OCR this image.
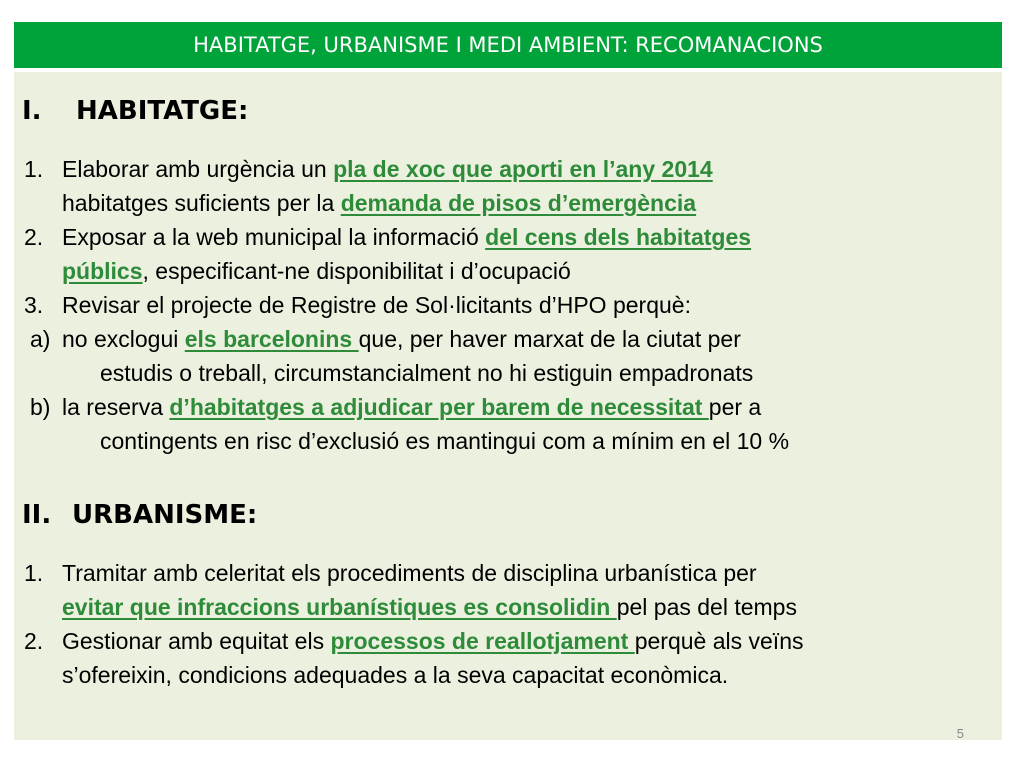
HABITATGE, URBANISME I MEDI AMBIENT: RECOMANACIONS
I. HABITATGE:
1. Elaborar amb urgència un pla de xoc que aporti en l’any 2014
habitatges suficients per la demanda de pisos d’emergència
2. Exposar a la web municipal la informació del cens dels habitatges
públics, especificant-ne disponibilitat i d’ocupació
3. Revisar el projecte de Registre de Sol·licitants d’HPO perquè:
a) no exclogui els barcelonins que, per haver marxat de la ciutat per
estudis o treball, circumstancialment no hi estiguin empadronats
b) la reserva d’habitatges a adjudicar per barem de necessitat per a
contingents en risc d’exclusió es mantingui com a mínim en el 10 %
II. URBANISME:
1. Tramitar amb celeritat els procediments de disciplina urbanística per
evitar que infraccions urbanístiques es consolidin pel pas del temps
2. Gestionar amb equitat els processos de reallotjament perquè als veïns
s’ofereixin, condicions adequades a la seva capacitat econòmica.
5
